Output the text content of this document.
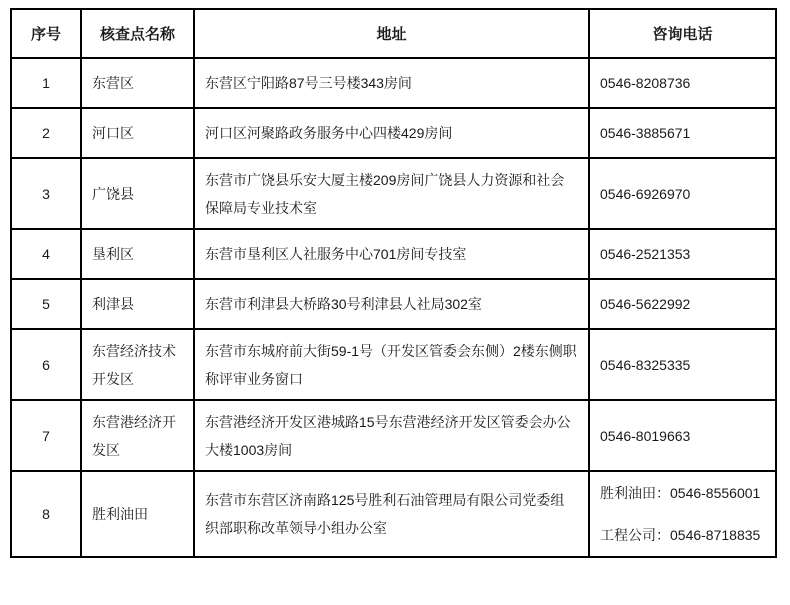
序号	核查点名称	地址	咨询电话
1	东营区	东营区宁阳路87号三号楼343房间	0546-8208736
2	河口区	河口区河聚路政务服务中心四楼429房间	0546-3885671
3	广饶县	东营市广饶县乐安大厦主楼209房间广饶县人力资源和社会保障局专业技术室	0546-6926970
4	垦利区	东营市垦利区人社服务中心701房间专技室	0546-2521353
5	利津县	东营市利津县大桥路30号利津县人社局302室	0546-5622992
6	东营经济技术开发区	东营市东城府前大街59-1号（开发区管委会东侧）2楼东侧职称评审业务窗口	0546-8325335
7	东营港经济开发区	东营港经济开发区港城路15号东营港经济开发区管委会办公大楼1003房间	0546-8019663
8	胜利油田	东营市东营区济南路125号胜利石油管理局有限公司党委组织部职称改革领导小组办公室	胜利油田：0546-8556001
工程公司：0546-8718835
